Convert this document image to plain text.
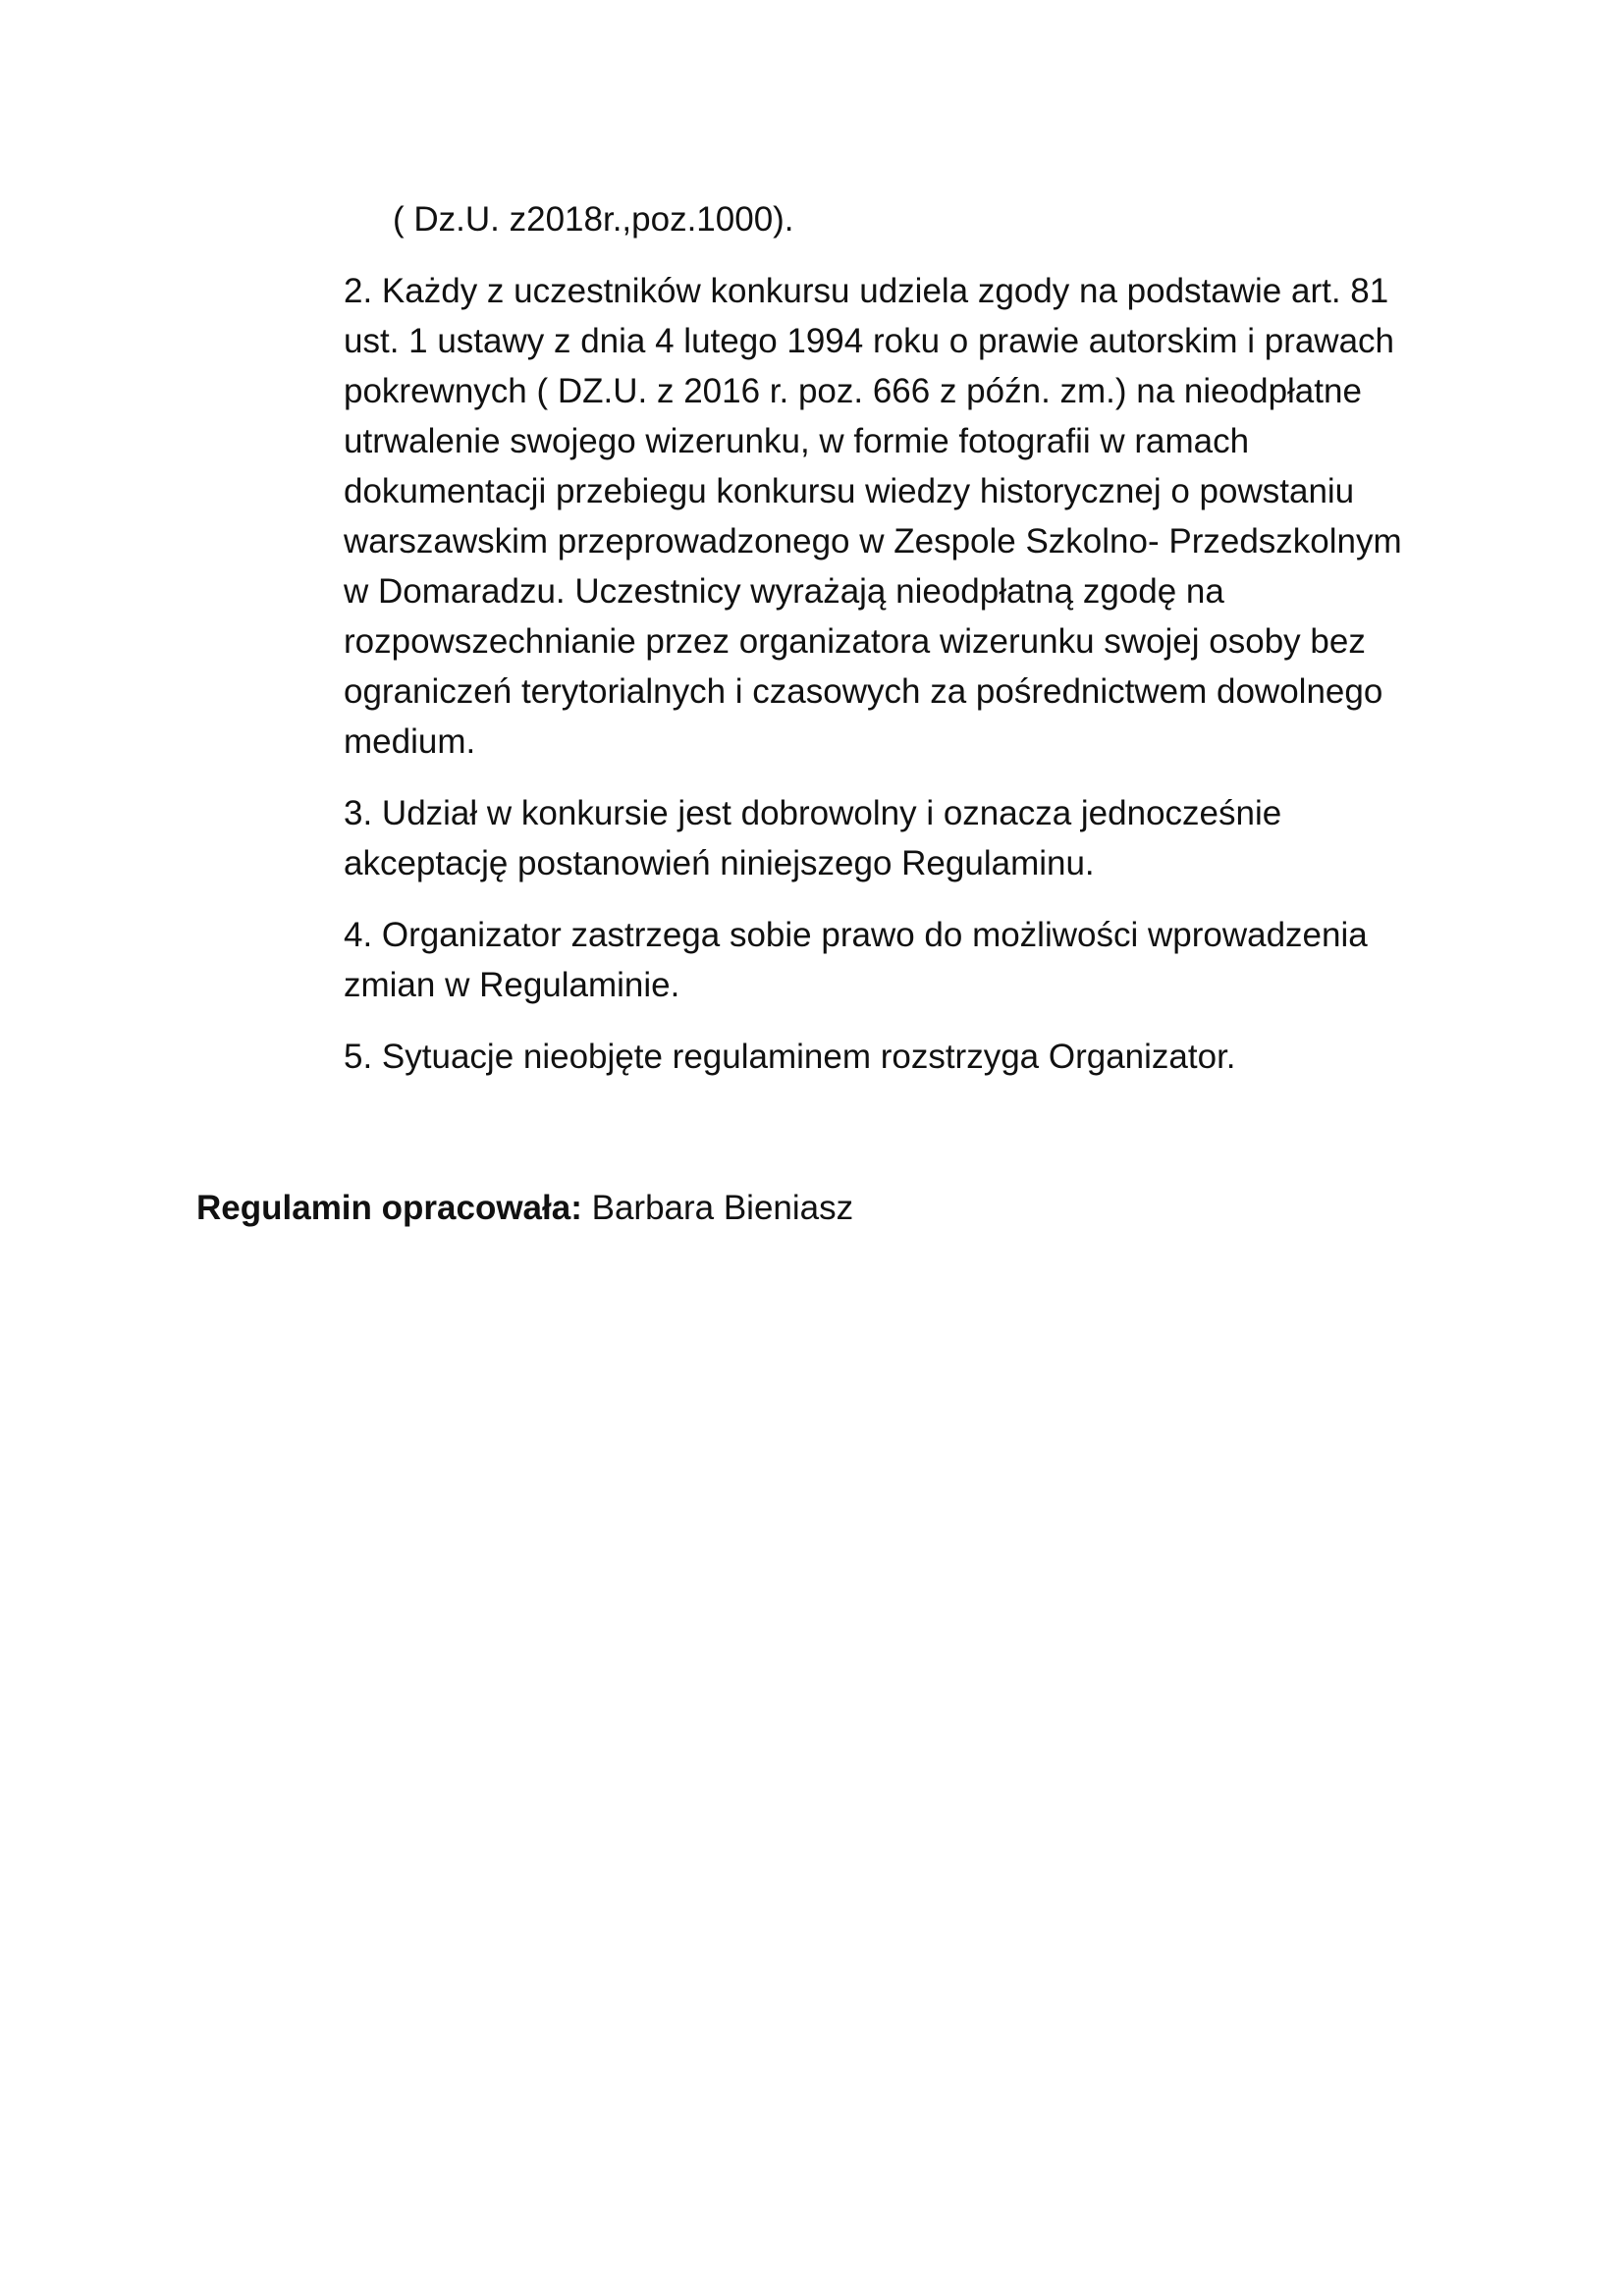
( Dz.U. z2018r.,poz.1000).

2. Każdy z uczestników konkursu udziela zgody na podstawie art. 81
ust. 1 ustawy z dnia 4 lutego 1994 roku o prawie autorskim i prawach
pokrewnych ( DZ.U. z 2016 r. poz. 666 z późn. zm.) na nieodpłatne
utrwalenie swojego wizerunku, w formie fotografii w ramach
dokumentacji przebiegu konkursu wiedzy historycznej o powstaniu
warszawskim przeprowadzonego w Zespole Szkolno- Przedszkolnym
w Domaradzu. Uczestnicy wyrażają nieodpłatną zgodę na
rozpowszechnianie przez organizatora wizerunku swojej osoby bez
ograniczeń terytorialnych i czasowych za pośrednictwem dowolnego
medium.
3. Udział w konkursie jest dobrowolny i oznacza jednocześnie
akceptację postanowień niniejszego Regulaminu.
4. Organizator zastrzega sobie prawo do możliwości wprowadzenia
zmian w Regulaminie.
5. Sytuacje nieobjęte regulaminem rozstrzyga Organizator.
Regulamin opracowała: Barbara Bieniasz
